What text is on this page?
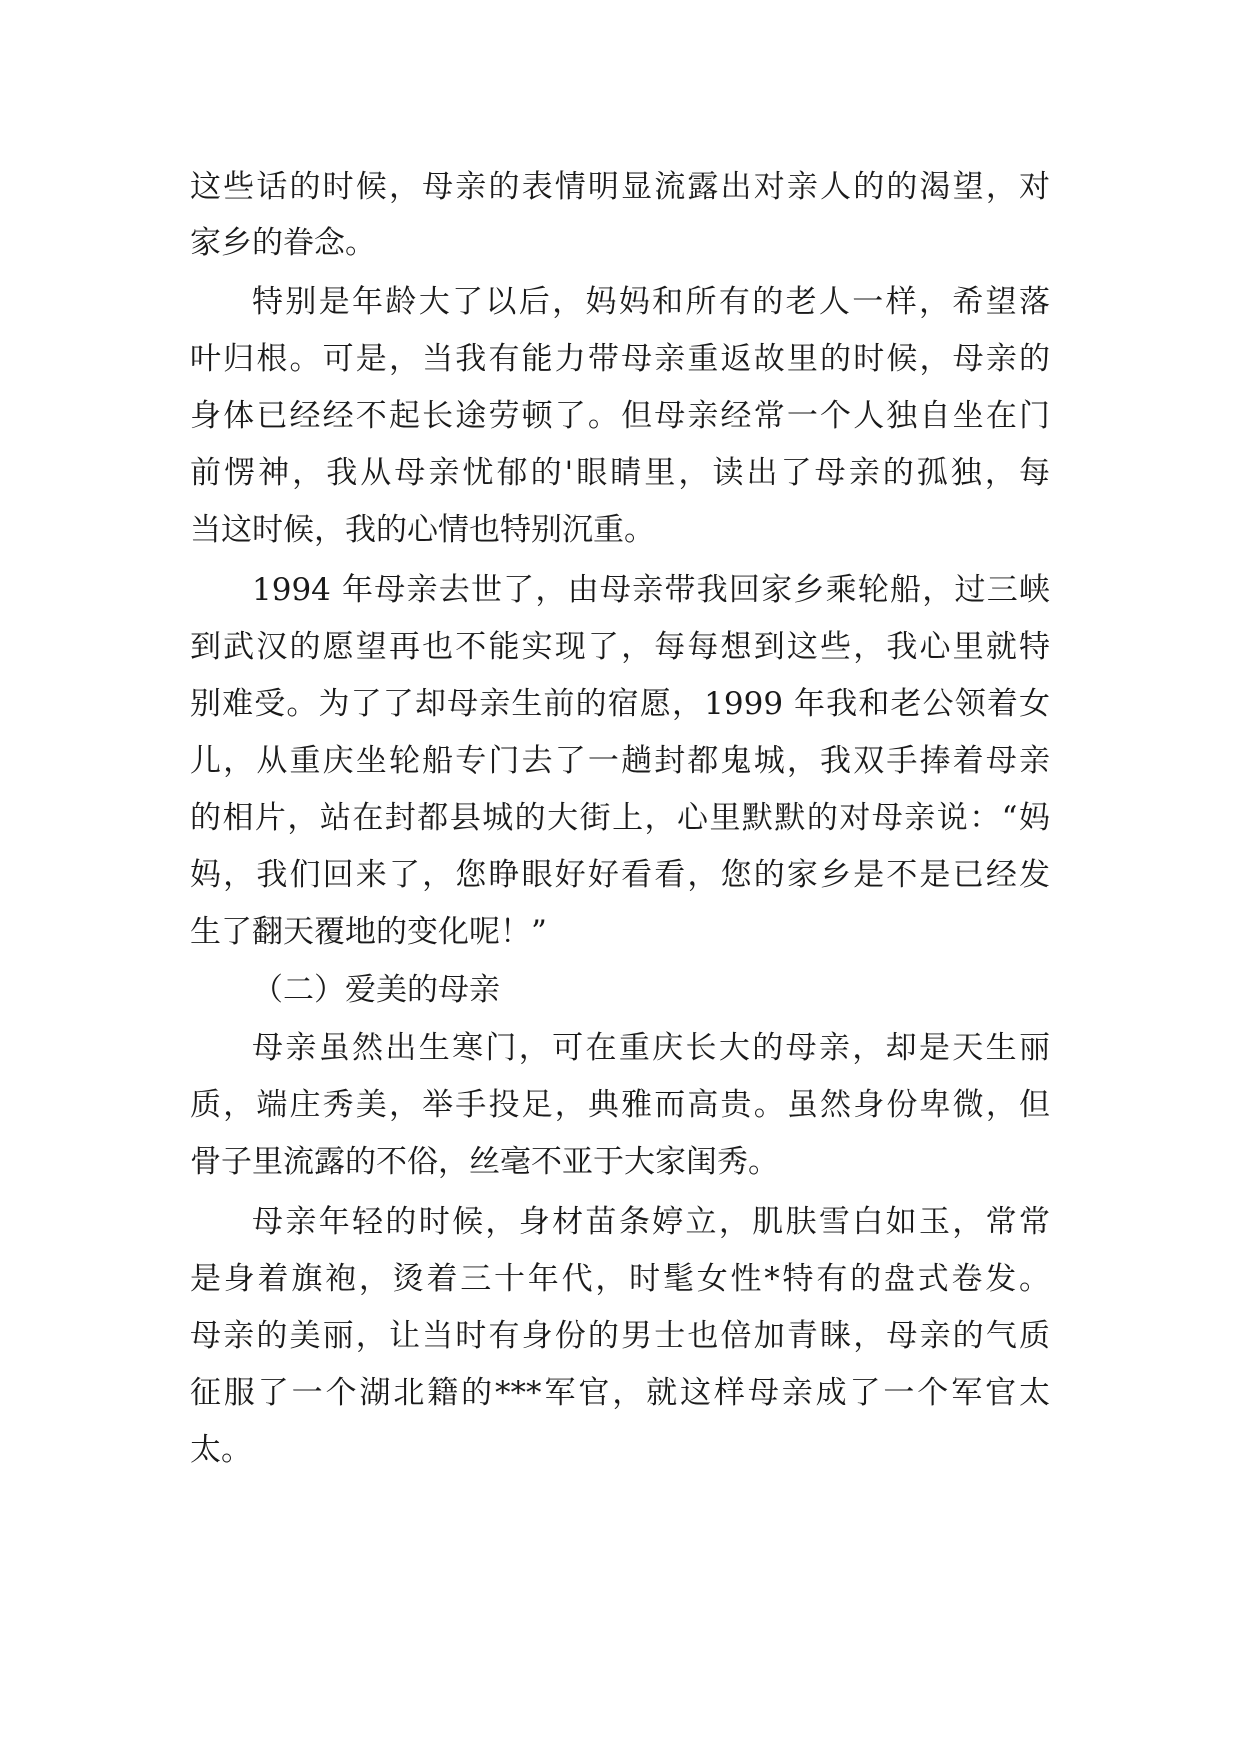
这些话的时候，母亲的表情明显流露出对亲人的的渴望，对
家乡的眷念。
特别是年龄大了以后，妈妈和所有的老人一样，希望落
叶归根。可是，当我有能力带母亲重返故里的时候，母亲的
身体已经经不起长途劳顿了。但母亲经常一个人独自坐在门
前愣神，我从母亲忧郁的'眼睛里，读出了母亲的孤独，每
当这时候，我的心情也特别沉重。
1994 年母亲去世了，由母亲带我回家乡乘轮船，过三峡
到武汉的愿望再也不能实现了，每每想到这些，我心里就特
别难受。为了了却母亲生前的宿愿，1999 年我和老公领着女
儿，从重庆坐轮船专门去了一趟封都鬼城，我双手捧着母亲
的相片，站在封都县城的大街上，心里默默的对母亲说：“妈
妈，我们回来了，您睁眼好好看看，您的家乡是不是已经发
生了翻天覆地的变化呢！”
（二）爱美的母亲
母亲虽然出生寒门，可在重庆长大的母亲，却是天生丽
质，端庄秀美，举手投足，典雅而高贵。虽然身份卑微，但
骨子里流露的不俗，丝毫不亚于大家闺秀。
母亲年轻的时候，身材苗条婷立，肌肤雪白如玉，常常
是身着旗袍，烫着三十年代，时髦女性*特有的盘式卷发。
母亲的美丽，让当时有身份的男士也倍加青睐，母亲的气质
征服了一个湖北籍的***军官，就这样母亲成了一个军官太
太。
